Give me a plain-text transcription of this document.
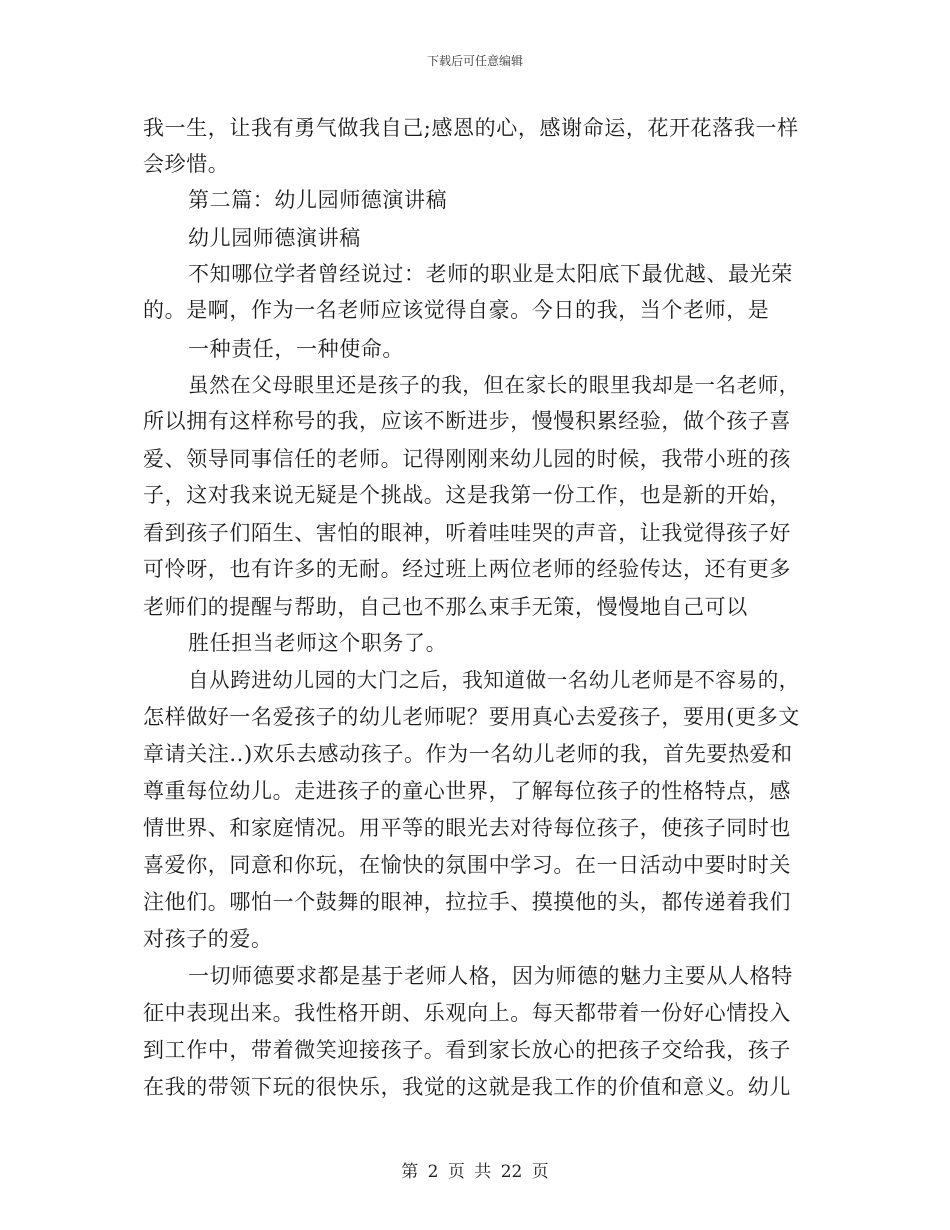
下载后可任意编辑
我一生，让我有勇气做我自己;感恩的心，感谢命运，花开花落我一样
会珍惜。
第二篇：幼儿园师德演讲稿
幼儿园师德演讲稿
不知哪位学者曾经说过：老师的职业是太阳底下最优越、最光荣
的。是啊，作为一名老师应该觉得自豪。今日的我，当个老师，是
一种责任，一种使命。
虽然在父母眼里还是孩子的我，但在家长的眼里我却是一名老师，
所以拥有这样称号的我，应该不断进步，慢慢积累经验，做个孩子喜
爱、领导同事信任的老师。记得刚刚来幼儿园的时候，我带小班的孩
子，这对我来说无疑是个挑战。这是我第一份工作，也是新的开始，
看到孩子们陌生、害怕的眼神，听着哇哇哭的声音，让我觉得孩子好
可怜呀，也有许多的无耐。经过班上两位老师的经验传达，还有更多
老师们的提醒与帮助，自己也不那么束手无策，慢慢地自己可以
胜任担当老师这个职务了。
自从跨进幼儿园的大门之后，我知道做一名幼儿老师是不容易的，
怎样做好一名爱孩子的幼儿老师呢？要用真心去爱孩子，要用(更多文
章请关注..)欢乐去感动孩子。作为一名幼儿老师的我，首先要热爱和
尊重每位幼儿。走进孩子的童心世界，了解每位孩子的性格特点，感
情世界、和家庭情况。用平等的眼光去对待每位孩子，使孩子同时也
喜爱你，同意和你玩，在愉快的氛围中学习。在一日活动中要时时关
注他们。哪怕一个鼓舞的眼神，拉拉手、摸摸他的头，都传递着我们
对孩子的爱。
一切师德要求都是基于老师人格，因为师德的魅力主要从人格特
征中表现出来。我性格开朗、乐观向上。每天都带着一份好心情投入
到工作中，带着微笑迎接孩子。看到家长放心的把孩子交给我，孩子
在我的带领下玩的很快乐，我觉的这就是我工作的价值和意义。幼儿
第 2 页 共 22 页
